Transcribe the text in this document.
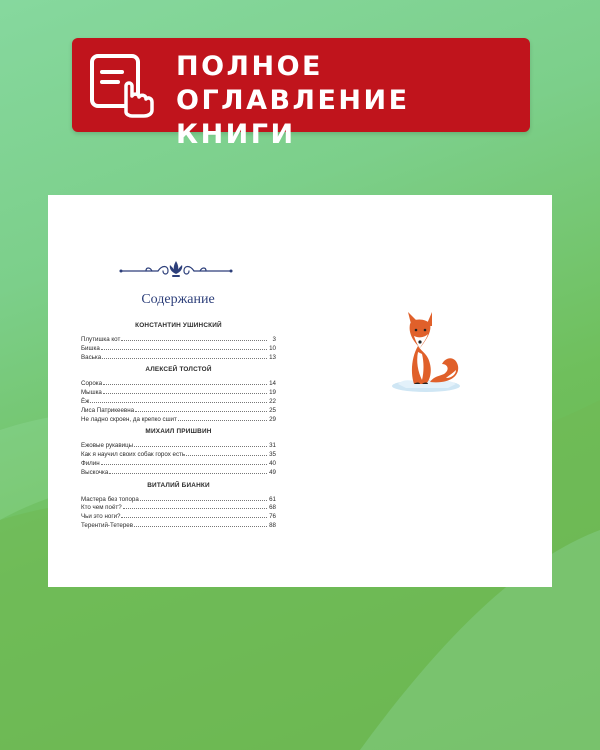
ПОЛНОЕ
ОГЛАВЛЕНИЕ КНИГИ
Содержание
КОНСТАНТИН УШИНСКИЙ
Плутишка кот	3
Бишка	10
Васька	13
АЛЕКСЕЙ ТОЛСТОЙ
Сорока	14
Мышка	19
Ёж	22
Лиса Патрикеевна	25
Не ладно скроен, да крепко сшит	29
МИХАИЛ ПРИШВИН
Ежовые рукавицы	31
Как я научил своих собак горох есть	35
Филин	40
Выскочка	49
ВИТАЛИЙ БИАНКИ
Мастера без топора	61
Кто чем поёт?	68
Чьи это ноги?	76
Терентий-Тетерев	88
